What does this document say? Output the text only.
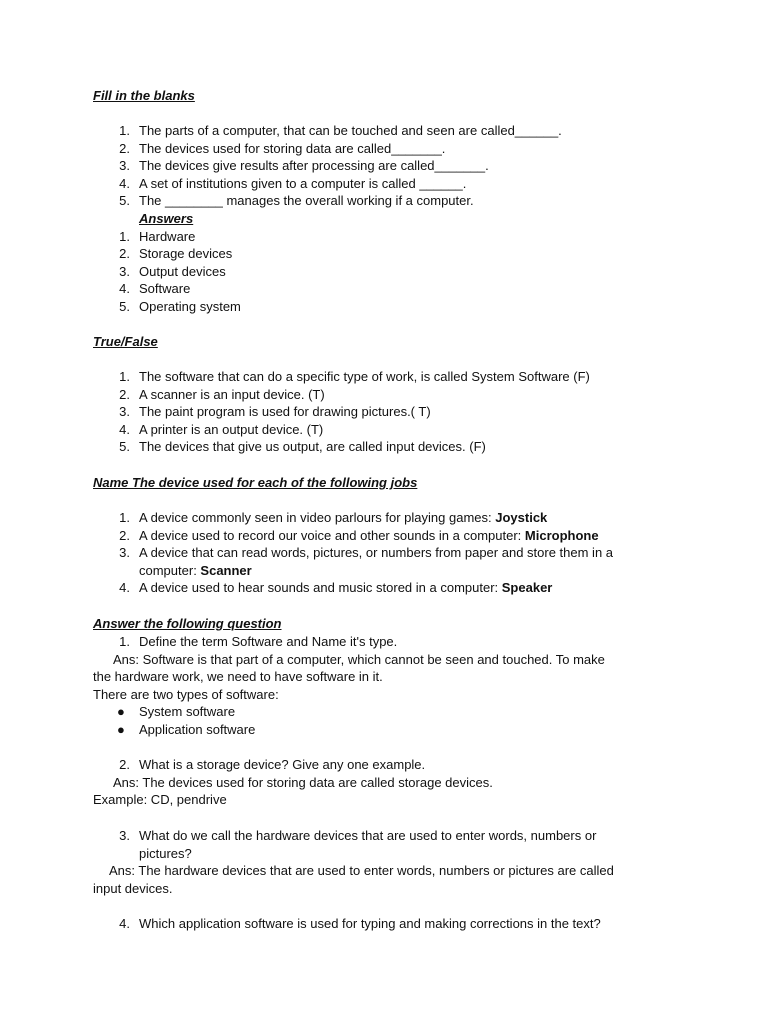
Fill in the blanks
1. The parts of a computer, that can be touched and seen are called______.
2. The devices used for storing data are called_______.
3. The devices give results after processing are called_______.
4. A set of institutions given to a computer is called ______.
5. The ________ manages the overall working if a computer.
Answers
1. Hardware
2. Storage devices
3. Output devices
4. Software
5. Operating system
True/False
1. The software that can do a specific type of work, is called System Software (F)
2. A scanner is an input device. (T)
3. The paint program is used for drawing pictures.( T)
4. A printer is an output device. (T)
5. The devices that give us output, are called input devices. (F)
Name The device used for each of the following jobs
1. A device commonly seen in video parlours for playing games: Joystick
2. A device used to record our voice and other sounds in a computer: Microphone
3. A device that can read words, pictures, or numbers from paper and store them in a
computer: Scanner
4. A device used to hear sounds and music stored in a computer: Speaker
Answer the following question
1. Define the term Software and Name it's type.
Ans: Software is that part of a computer, which cannot be seen and touched. To make
the hardware work, we need to have software in it.
There are two types of software:
● System software
● Application software
2. What is a storage device? Give any one example.
Ans: The devices used for storing data are called storage devices.
Example: CD, pendrive
3. What do we call the hardware devices that are used to enter words, numbers or
pictures?
Ans: The hardware devices that are used to enter words, numbers or pictures are called
input devices.
4. Which application software is used for typing and making corrections in the text?
